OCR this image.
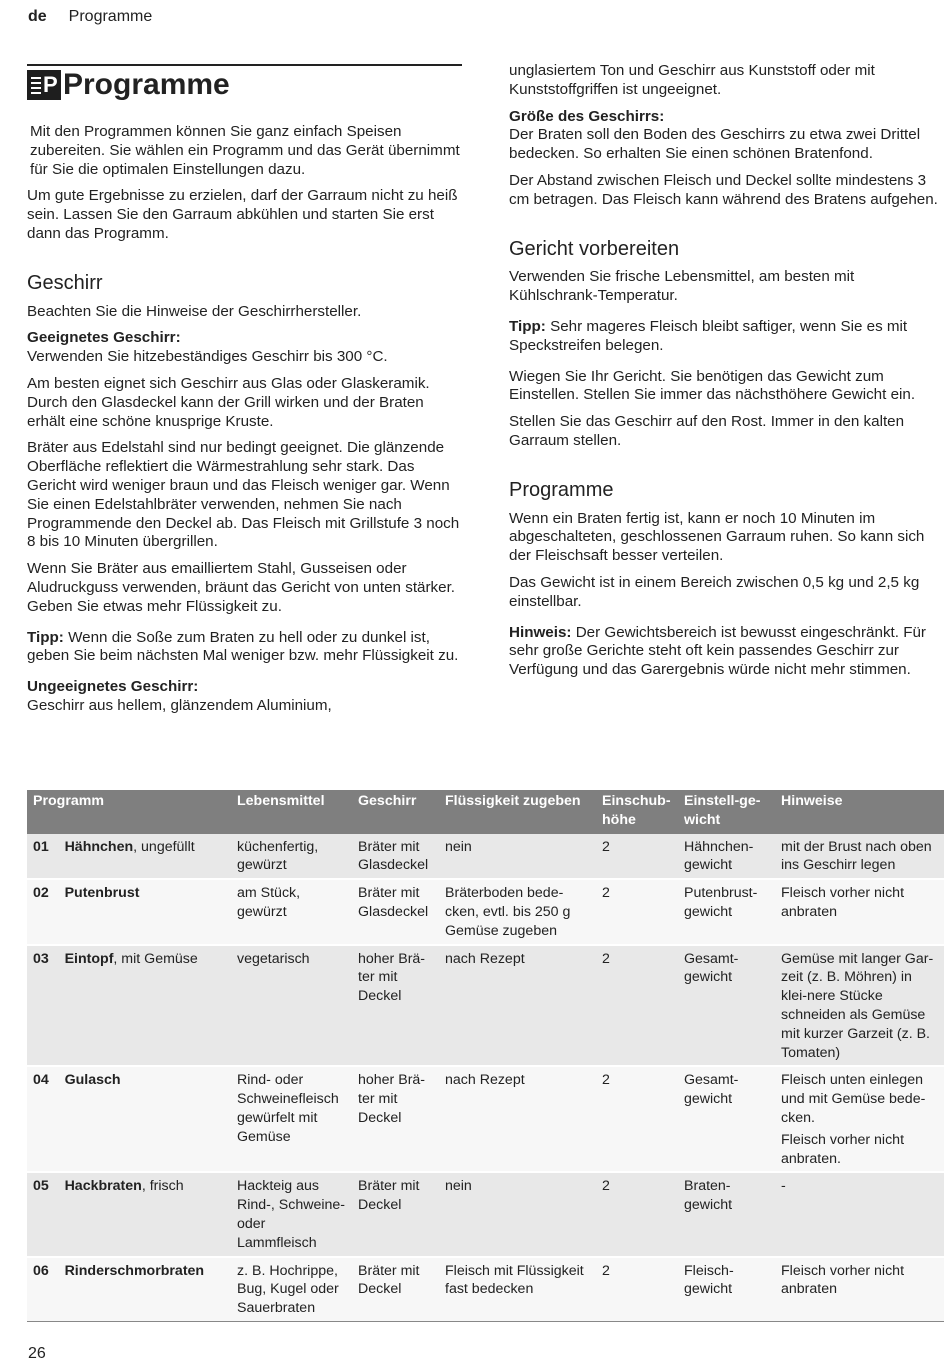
de Programme
P Programme

Mit den Programmen können Sie ganz einfach Speisen zubereiten. Sie wählen ein Programm und das Gerät übernimmt für Sie die optimalen Einstellungen dazu.

Um gute Ergebnisse zu erzielen, darf der Garraum nicht zu heiß sein. Lassen Sie den Garraum abkühlen und starten Sie erst dann das Programm.

Geschirr

Beachten Sie die Hinweise der Geschirrhersteller.

Geeignetes Geschirr:

Verwenden Sie hitzebeständiges Geschirr bis 300 °C.

Am besten eignet sich Geschirr aus Glas oder Glaskeramik. Durch den Glasdeckel kann der Grill wirken und der Braten erhält eine schöne knusprige Kruste.

Bräter aus Edelstahl sind nur bedingt geeignet. Die glänzende Oberfläche reflektiert die Wärmestrahlung sehr stark. Das Gericht wird weniger braun und das Fleisch weniger gar. Wenn Sie einen Edelstahlbräter verwenden, nehmen Sie nach Programmende den Deckel ab. Das Fleisch mit Grillstufe 3 noch 8 bis 10 Minuten übergrillen.

Wenn Sie Bräter aus emailliertem Stahl, Gusseisen oder Aludruckguss verwenden, bräunt das Gericht von unten stärker. Geben Sie etwas mehr Flüssigkeit zu.

Tipp: Wenn die Soße zum Braten zu hell oder zu dunkel ist, geben Sie beim nächsten Mal weniger bzw. mehr Flüssigkeit zu.

Ungeeignetes Geschirr:
Geschirr aus hellem, glänzendem Aluminium,

unglasiertem Ton und Geschirr aus Kunststoff oder mit Kunststoffgriffen ist ungeeignet.

Größe des Geschirrs:

Der Braten soll den Boden des Geschirrs zu etwa zwei Drittel bedecken. So erhalten Sie einen schönen Bratenfond.

Der Abstand zwischen Fleisch und Deckel sollte mindestens 3 cm betragen. Das Fleisch kann während des Bratens aufgehen.

Gericht vorbereiten

Verwenden Sie frische Lebensmittel, am besten mit Kühlschrank-Temperatur.

Tipp: Sehr mageres Fleisch bleibt saftiger, wenn Sie es mit Speckstreifen belegen.

Wiegen Sie Ihr Gericht. Sie benötigen das Gewicht zum Einstellen. Stellen Sie immer das nächsthöhere Gewicht ein.

Stellen Sie das Geschirr auf den Rost. Immer in den kalten Garraum stellen.

Programme

Wenn ein Braten fertig ist, kann er noch 10 Minuten im abgeschalteten, geschlossenen Garraum ruhen. So kann sich der Fleischsaft besser verteilen.

Das Gewicht ist in einem Bereich zwischen 0,5 kg und 2,5 kg einstellbar.

Hinweis: Der Gewichtsbereich ist bewusst eingeschränkt. Für sehr große Gerichte steht oft kein passendes Geschirr zur Verfügung und das Garergebnis würde nicht mehr stimmen.

Programm	Lebensmittel	Geschirr	Flüssigkeit zugeben	Einschub-höhe	Einstell-ge-wicht	Hinweise
01 Hähnchen, ungefüllt	küchenfertig, gewürzt	Bräter mit Glasdeckel	nein	2	Hähnchen-gewicht	mit der Brust nach oben ins Geschirr legen
02 Putenbrust	am Stück, gewürzt	Bräter mit Glasdeckel	Bräterboden bede-cken, evtl. bis 250 g Gemüse zugeben	2	Putenbrust-gewicht	Fleisch vorher nicht anbraten
03 Eintopf, mit Gemüse	vegetarisch	hoher Brä-ter mit Deckel	nach Rezept	2	Gesamt-gewicht	Gemüse mit langer Gar-zeit (z. B. Möhren) in klei-nere Stücke schneiden als Gemüse mit kurzer Garzeit (z. B. Tomaten)
04 Gulasch	Rind- oder Schweinefleisch gewürfelt mit Gemüse	hoher Brä-ter mit Deckel	nach Rezept	2	Gesamt-gewicht	Fleisch unten einlegen und mit Gemüse bede-cken.
Fleisch vorher nicht anbraten.

05 Hackbraten, frisch	Hackteig aus Rind-, Schweine- oder Lammfleisch	Bräter mit Deckel	nein	2	Braten-gewicht	-
06 Rinderschmorbraten	z. B. Hochrippe, Bug, Kugel oder Sauerbraten	Bräter mit Deckel	Fleisch mit Flüssigkeit fast bedecken	2	Fleisch-gewicht	Fleisch vorher nicht anbraten
26
